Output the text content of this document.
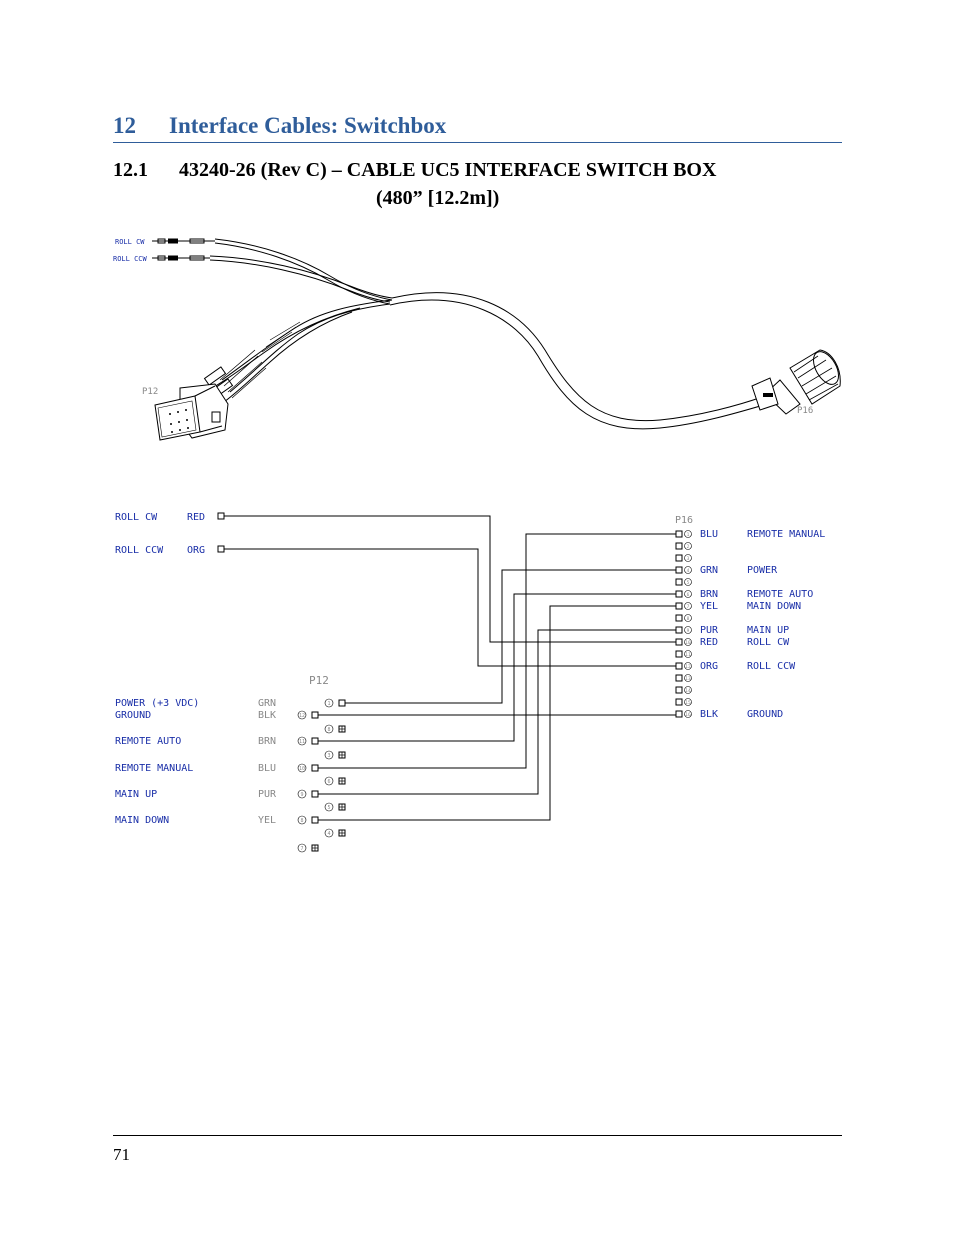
12 Interface Cables: Switchbox
12.1 43240-26 (Rev C) – CABLE UC5 INTERFACE SWITCH BOX
(480” [12.2m])
ROLL CW
ROLL CCW
P12
P16
ROLL CW	RED
ROLL CCW ORG
P16
1 BLU	REMOTE MANUAL
2
3
4 GRN	POWER
5
6 BRN	REMOTE AUTO
7 YEL	MAIN DOWN
8
9 PUR	MAIN UP
10 RED	ROLL CW
11
12 ORG	ROLL CCW
13
14
15
16 BLK	GROUND
P12
1
POWER (+3 VDC)	GRN
12
GROUND	BLK
8
11
REMOTE AUTO	BRN
3
10
REMOTE MANUAL	BLU
6
9
MAIN UP	PUR
5
8
MAIN DOWN	YEL
4
7
71
